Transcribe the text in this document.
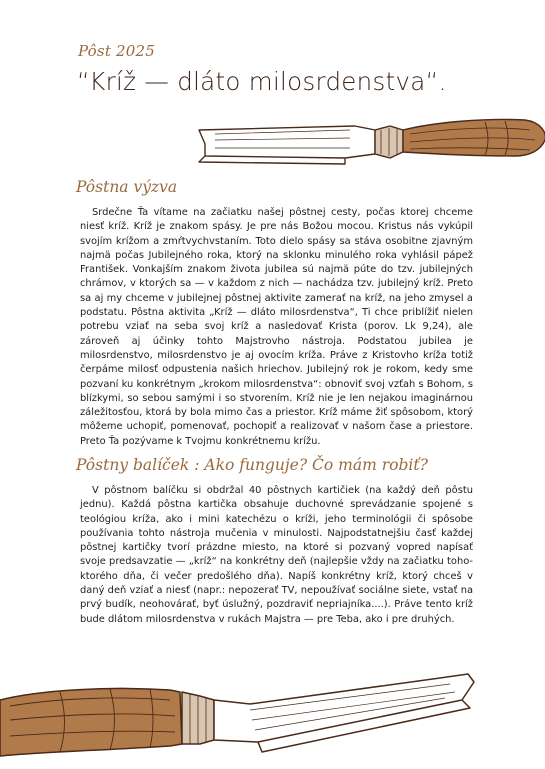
Pôst 2025
“Kríž — dláto milosrdenstva“.
Pôstna výzva
Srdečne Ťa vítame na začiatku našej pôstnej cesty, počas ktorej chceme niesť kríž. Kríž je znakom spásy. Je pre nás Božou mocou. Kristus nás vykúpil svojím krížom a zmŕtvychvstaním. Toto dielo spásy sa stáva osobitne zjavným najmä počas Jubilejného roka, ktorý na sklonku minulého roka vyhlásil pápež František. Vonkajším znakom života jubilea sú najmä púte do tzv. jubilejných chrámov, v ktorých sa — v každom z nich — nachádza tzv. jubilejný kríž. Preto sa aj my chceme v jubilejnej pôstnej aktivite zamerať na kríž, na jeho zmysel a podstatu. Pôstna aktivita „Kríž — dláto milosrdenstva“, Ti chce priblížiť nielen potrebu vziať na seba svoj kríž a nasledovať Krista (porov. Lk 9,24), ale zároveň aj účinky tohto Majstrovho nástroja. Podstatou jubilea je milosrdenstvo, milosrdenstvo je aj ovocím kríža. Práve z Kristovho kríža totiž čerpáme milosť odpustenia našich hriechov. Jubilejný rok je rokom, kedy sme pozvaní ku konkrétnym „krokom milosrdenstva“: obnoviť svoj vzťah s Bohom, s blízkymi, so sebou samými i so stvorením. Kríž nie je len nejakou imaginárnou záležitosťou, ktorá by bola mimo čas a priestor. Kríž máme žiť spôsobom, ktorý môžeme uchopiť, pomenovať, pochopiť a realizovať v našom čase a priestore. Preto Ťa pozývame k Tvojmu konkrétnemu krížu.
Pôstny balíček : Ako funguje? Čo mám robiť?
V pôstnom balíčku si obdržal 40 pôstnych kartičiek (na každý deň pôstu jednu). Každá pôstna kartička obsahuje duchovné sprevádzanie spojené s teológiou kríža, ako i mini katechézu o kríži, jeho terminológii či spôsobe používania tohto nástroja mučenia v minulosti. Najpodstatnejšiu časť každej pôstnej kartičky tvorí prázdne miesto, na ktoré si pozvaný vopred napísať svoje predsavzatie — „kríž“ na konkrétny deň (najlepšie vždy na začiatku toho-ktorého dňa, či večer predošlého dňa). Napíš konkrétny kríž, ktorý chceš v daný deň vziať a niesť (napr.: nepozerať TV, nepoužívať sociálne siete, vstať na prvý budík, neohovárať, byť úslužný, pozdraviť nepriajníka....). Práve tento kríž bude dlátom milosrdenstva v rukách Majstra — pre Teba, ako i pre druhých.
